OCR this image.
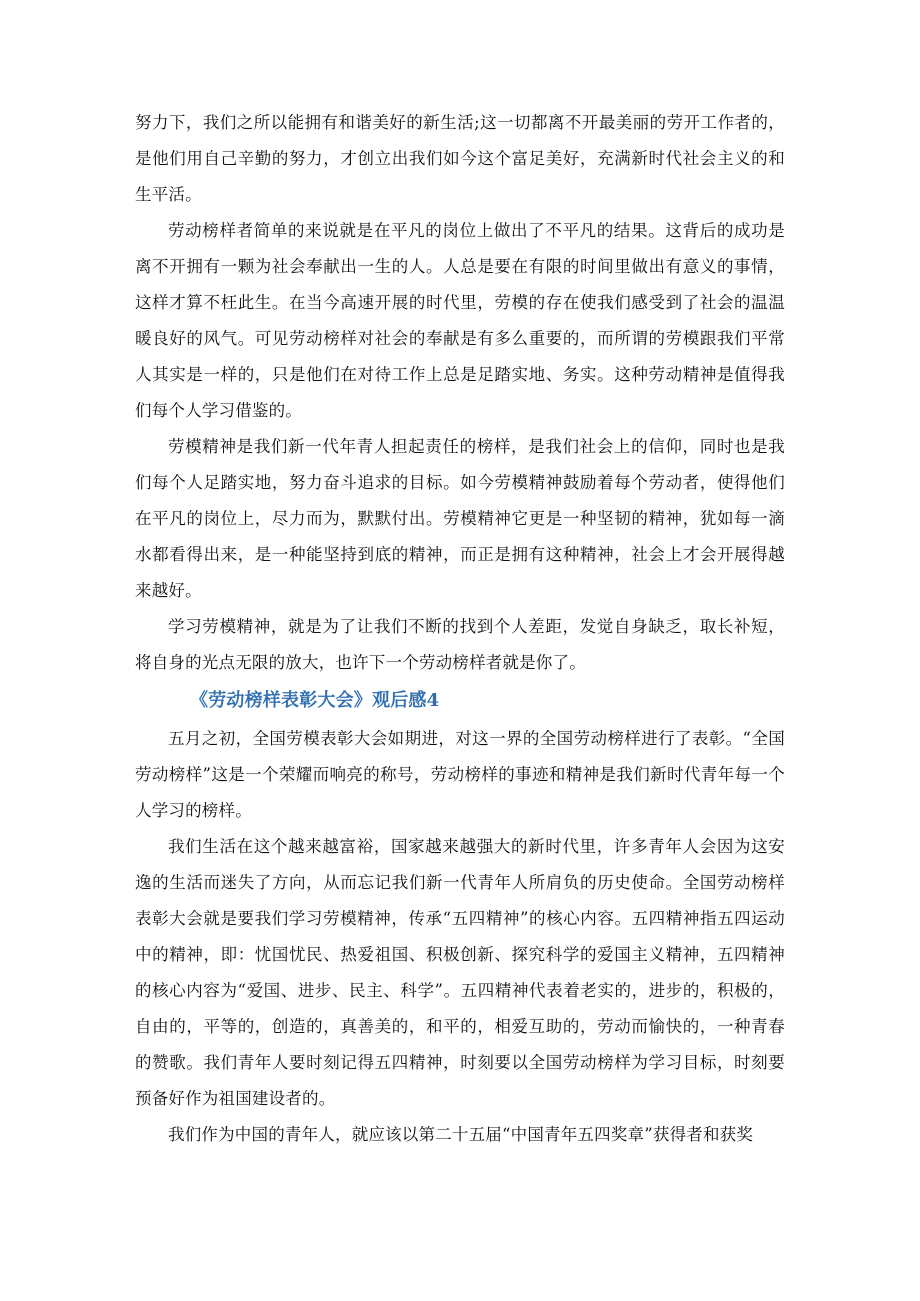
努力下，我们之所以能拥有和谐美好的新生活;这一切都离不开最美丽的劳开工作者的，是他们用自己辛勤的努力，才创立出我们如今这个富足美好，充满新时代社会主义的和生平活。

劳动榜样者简单的来说就是在平凡的岗位上做出了不平凡的结果。这背后的成功是离不开拥有一颗为社会奉献出一生的人。人总是要在有限的时间里做出有意义的事情，这样才算不枉此生。在当今高速开展的时代里，劳模的存在使我们感受到了社会的温温暖良好的风气。可见劳动榜样对社会的奉献是有多么重要的，而所谓的劳模跟我们平常人其实是一样的，只是他们在对待工作上总是足踏实地、务实。这种劳动精神是值得我们每个人学习借鉴的。

劳模精神是我们新一代年青人担起责任的榜样，是我们社会上的信仰，同时也是我们每个人足踏实地，努力奋斗追求的目标。如今劳模精神鼓励着每个劳动者，使得他们在平凡的岗位上，尽力而为，默默付出。劳模精神它更是一种坚韧的精神，犹如每一滴水都看得出来，是一种能坚持到底的精神，而正是拥有这种精神，社会上才会开展得越来越好。

学习劳模精神，就是为了让我们不断的找到个人差距，发觉自身缺乏，取长补短，将自身的光点无限的放大，也许下一个劳动榜样者就是你了。

《劳动榜样表彰大会》观后感4

五月之初，全国劳模表彰大会如期进，对这一界的全国劳动榜样进行了表彰。“全国劳动榜样”这是一个荣耀而响亮的称号，劳动榜样的事迹和精神是我们新时代青年每一个人学习的榜样。

我们生活在这个越来越富裕，国家越来越强大的新时代里，许多青年人会因为这安逸的生活而迷失了方向，从而忘记我们新一代青年人所肩负的历史使命。全国劳动榜样表彰大会就是要我们学习劳模精神，传承“五四精神”的核心内容。五四精神指五四运动中的精神，即：忧国忧民、热爱祖国、积极创新、探究科学的爱国主义精神，五四精神的核心内容为“爱国、进步、民主、科学”。五四精神代表着老实的，进步的，积极的，自由的，平等的，创造的，真善美的，和平的，相爱互助的，劳动而愉快的，一种青春的赞歌。我们青年人要时刻记得五四精神，时刻要以全国劳动榜样为学习目标，时刻要预备好作为祖国建设者的。

我们作为中国的青年人，就应该以第二十五届“中国青年五四奖章”获得者和获奖
